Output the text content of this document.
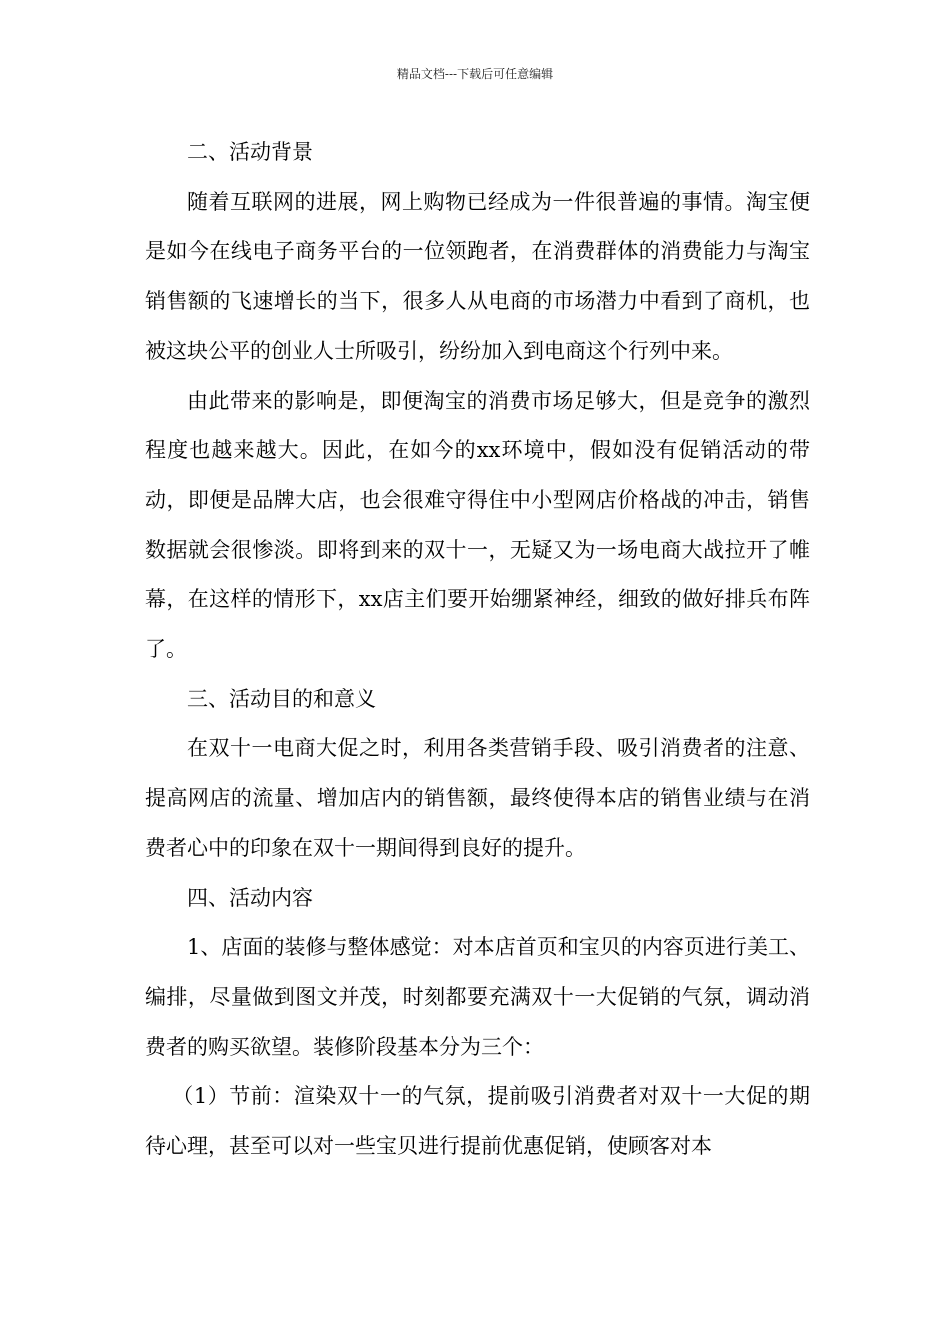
精品文档---下载后可任意编辑

二、活动背景

随着互联网的进展，网上购物已经成为一件很普遍的事情。淘宝便是如今在线电子商务平台的一位领跑者，在消费群体的消费能力与淘宝销售额的飞速增长的当下，很多人从电商的市场潜力中看到了商机，也被这块公平的创业人士所吸引，纷纷加入到电商这个行列中来。

由此带来的影响是，即便淘宝的消费市场足够大，但是竞争的激烈程度也越来越大。因此，在如今的xx环境中，假如没有促销活动的带动，即便是品牌大店，也会很难守得住中小型网店价格战的冲击，销售数据就会很惨淡。即将到来的双十一，无疑又为一场电商大战拉开了帷幕，在这样的情形下，xx店主们要开始绷紧神经，细致的做好排兵布阵了。

三、活动目的和意义

在双十一电商大促之时，利用各类营销手段、吸引消费者的注意、提高网店的流量、增加店内的销售额，最终使得本店的销售业绩与在消费者心中的印象在双十一期间得到良好的提升。

四、活动内容

1、店面的装修与整体感觉：对本店首页和宝贝的内容页进行美工、编排，尽量做到图文并茂，时刻都要充满双十一大促销的气氛，调动消费者的购买欲望。装修阶段基本分为三个：

（1）节前：渲染双十一的气氛，提前吸引消费者对双十一大促的期待心理，甚至可以对一些宝贝进行提前优惠促销，使顾客对本
